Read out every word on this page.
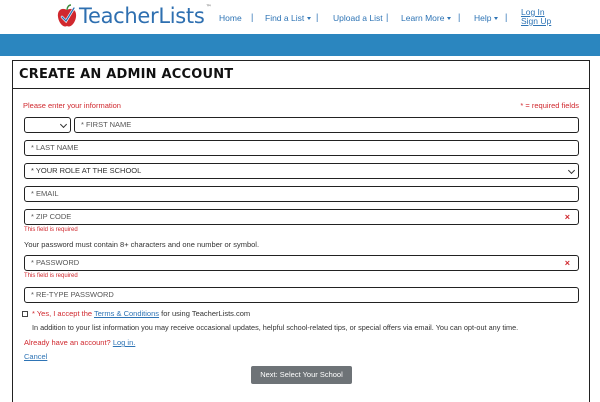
TeacherLists™
Home | Find a List	| Upload a List | Learn More	| Help	| Log In
Sign Up
CREATE AN ADMIN ACCOUNT
Please enter your information	* = required fields
* FIRST NAME
* LAST NAME
* YOUR ROLE AT THE SCHOOL
* EMAIL
* ZIP CODE	×
This field is required
Your password must contain 8+ characters and one number or symbol.
* PASSWORD	×
This field is required
* RE-TYPE PASSWORD
* Yes, I accept the Terms & Conditions for using TeacherLists.com
In addition to your list information you may receive occasional updates, helpful school-related tips, or special offers via email. You can opt-out any time.
Already have an account? Log in.
Cancel
Next: Select Your School
